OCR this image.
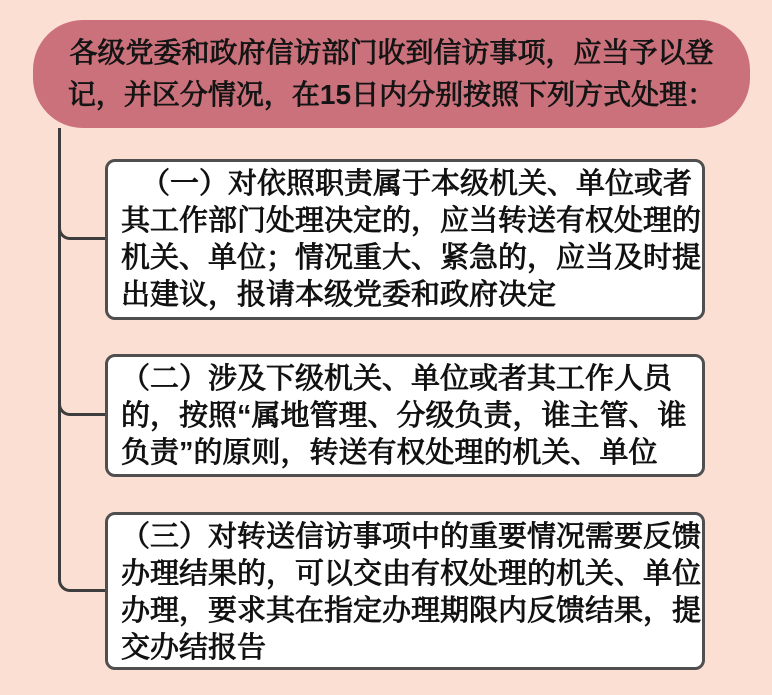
各级党委和政府信访部门收到信访事项，应当予以登
记，并区分情况，在15日内分别按照下列方式处理：
（一）对依照职责属于本级机关、单位或者
其工作部门处理决定的，应当转送有权处理的
机关、单位；情况重大、紧急的，应当及时提
出建议，报请本级党委和政府决定
（二）涉及下级机关、单位或者其工作人员
的，按照“属地管理、分级负责，谁主管、谁
负责”的原则，转送有权处理的机关、单位
（三）对转送信访事项中的重要情况需要反馈
办理结果的，可以交由有权处理的机关、单位
办理，要求其在指定办理期限内反馈结果，提
交办结报告
